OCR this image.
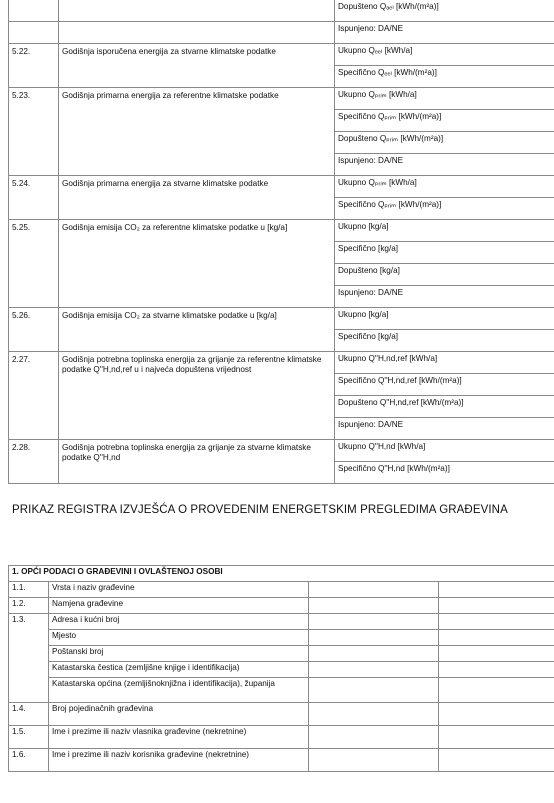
		Dopušteno Qₐₑₗ [kWh/(m²a)]
		Ispunjeno: DA/NE
5.22.	Godišnja isporučena energija za stvarne klimatske podatke	Ukupno Qₑₑₗ [kWh/a]
		Specifično Qₑₑₗ [kWh/(m²a)]
5.23.	Godišnja primarna energija za referentne klimatske podatke	Ukupno Qₚᵣᵢₘ [kWh/a]
		Specifično Qₚᵣᵢₘ [kWh/(m²a)]
		Dopušteno Qₚᵣᵢₘ [kWh/(m²a)]
		Ispunjeno: DA/NE
5.24.	Godišnja primarna energija za stvarne klimatske podatke	Ukupno Qₚᵣᵢₘ [kWh/a]
		Specifično Qₚᵣᵢₘ [kWh/(m²a)]
5.25.	Godišnja emisija CO₂ za referentne klimatske podatke u [kg/a]	Ukupno [kg/a]
		Specifično [kg/a]
		Dopušteno [kg/a]
		Ispunjeno: DA/NE
5.26.	Godišnja emisija CO₂ za stvarne klimatske podatke u [kg/a]	Ukupno [kg/a]
		Specifično [kg/a]
2.27.	Godišnja potrebna toplinska energija za grijanje za referentne klimatske podatke Q''H,nd,ref u i najveća dopuštena vrijednost	Ukupno Q''H,nd,ref [kWh/a]
		Specifično Q''H,nd,ref [kWh/(m²a)]
		Dopušteno Q''H,nd,ref [kWh/(m²a)]
		Ispunjeno: DA/NE
2.28.	Godišnja potrebna toplinska energija za grijanje za stvarne klimatske podatke Q''H,nd	Ukupno Q''H,nd [kWh/a]
		Specifično Q''H,nd [kWh/(m²a)]
PRIKAZ REGISTRA IZVJEŠĆA O PROVEDENIM ENERGETSKIM PREGLEDIMA GRAĐEVINA
1. OPĆI PODACI O GRAĐEVINI I OVLAŠTENOJ OSOBI			
1.1.	Vrsta i naziv građevine		
1.2.	Namjena građevine		
1.3.	Adresa i kućni broj		
	Mjesto		
	Poštanski broj		
	Katastarska čestica (zemljišne knjige i identifikacija)		
	Katastarska općina (zemljišnoknjižna i identifikacija), županija		
1.4.	Broj pojedinačnih građevina		
1.5.	Ime i prezime ili naziv vlasnika građevine (nekretnine)		
1.6.	Ime i prezime ili naziv korisnika građevine (nekretnine)		
